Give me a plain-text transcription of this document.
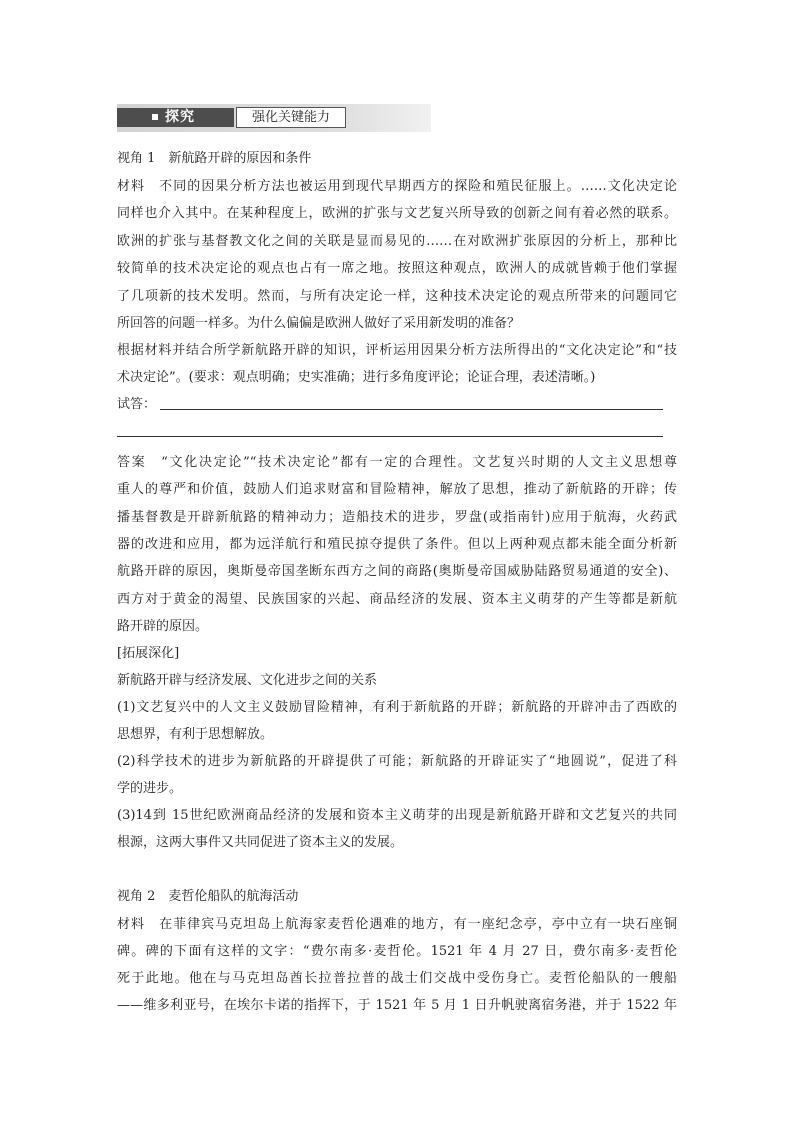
探究	强化关键能力
视角 1　新航路开辟的原因和条件
材料　不同的因果分析方法也被运用到现代早期西方的探险和殖民征服上。……文化决定论
同样也介入其中。在某种程度上，欧洲的扩张与文艺复兴所导致的创新之间有着必然的联系。
欧洲的扩张与基督教文化之间的关联是显而易见的……在对欧洲扩张原因的分析上，那种比
较简单的技术决定论的观点也占有一席之地。按照这种观点，欧洲人的成就皆赖于他们掌握
了几项新的技术发明。然而，与所有决定论一样，这种技术决定论的观点所带来的问题同它
所回答的问题一样多。为什么偏偏是欧洲人做好了采用新发明的准备？
根据材料并结合所学新航路开辟的知识，评析运用因果分析方法所得出的“文化决定论”和“技
术决定论”。(要求：观点明确；史实准确；进行多角度评论；论证合理，表述清晰。)
试答：
答案　“文化决定论”“技术决定论”都有一定的合理性。文艺复兴时期的人文主义思想尊
重人的尊严和价值，鼓励人们追求财富和冒险精神，解放了思想，推动了新航路的开辟；传
播基督教是开辟新航路的精神动力；造船技术的进步，罗盘(或指南针)应用于航海，火药武
器的改进和应用，都为远洋航行和殖民掠夺提供了条件。但以上两种观点都未能全面分析新
航路开辟的原因，奥斯曼帝国垄断东西方之间的商路(奥斯曼帝国威胁陆路贸易通道的安全)、
西方对于黄金的渴望、民族国家的兴起、商品经济的发展、资本主义萌芽的产生等都是新航
路开辟的原因。
[拓展深化]
新航路开辟与经济发展、文化进步之间的关系
(1)文艺复兴中的人文主义鼓励冒险精神，有利于新航路的开辟；新航路的开辟冲击了西欧的
思想界，有利于思想解放。
(2)科学技术的进步为新航路的开辟提供了可能；新航路的开辟证实了“地圆说”，促进了科
学的进步。
(3)14到 15世纪欧洲商品经济的发展和资本主义萌芽的出现是新航路开辟和文艺复兴的共同
根源，这两大事件又共同促进了资本主义的发展。
视角 2　麦哲伦船队的航海活动
材料　在菲律宾马克坦岛上航海家麦哲伦遇难的地方，有一座纪念亭，亭中立有一块石座铜
碑。碑的下面有这样的文字：“费尔南多·麦哲伦。1521 年 4 月 27 日，费尔南多·麦哲伦
死于此地。他在与马克坦岛酋长拉普拉普的战士们交战中受伤身亡。麦哲伦船队的一艘船
——维多利亚号，在埃尔卡诺的指挥下，于 1521 年 5 月 1 日升帆驶离宿务港，并于 1522 年
